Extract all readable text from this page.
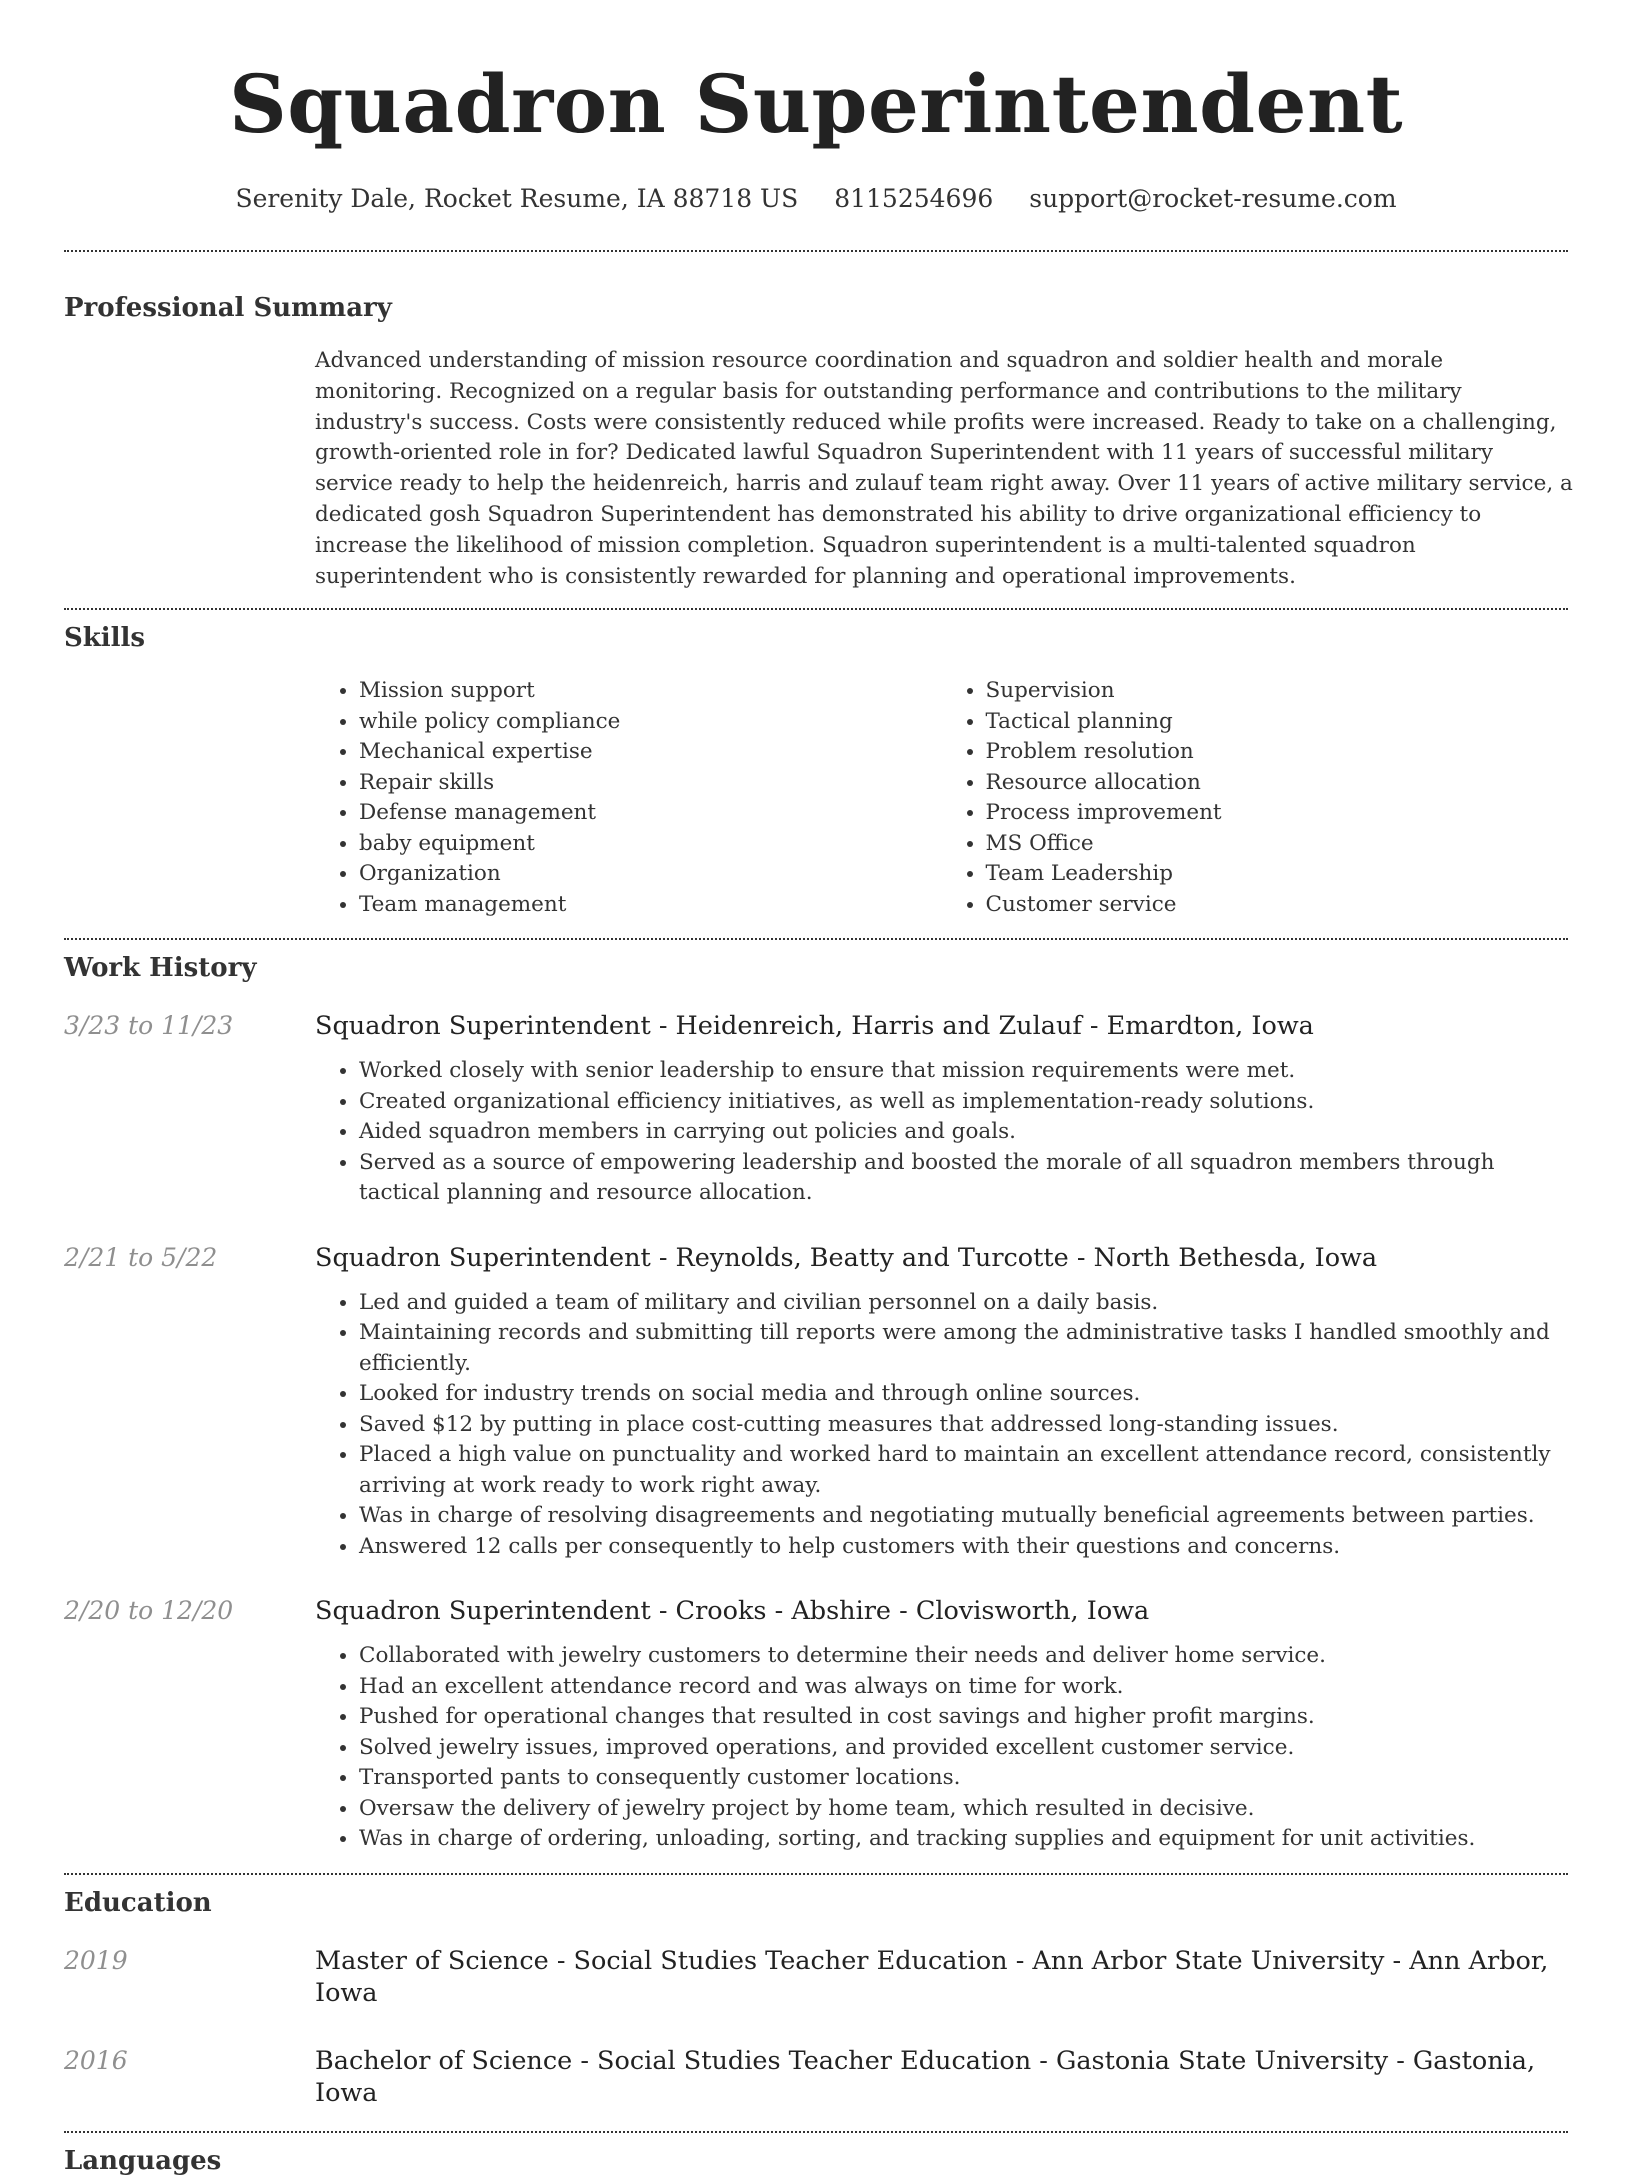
Squadron Superintendent
Serenity Dale, Rocket Resume, IA 88718 US 8115254696 support@rocket-resume.com
Professional Summary
Advanced understanding of mission resource coordination and squadron and soldier health and morale monitoring. Recognized on a regular basis for outstanding performance and contributions to the military industry's success. Costs were consistently reduced while profits were increased. Ready to take on a challenging, growth-oriented role in for? Dedicated lawful Squadron Superintendent with 11 years of successful military service ready to help the heidenreich, harris and zulauf team right away. Over 11 years of active military service, a dedicated gosh Squadron Superintendent has demonstrated his ability to drive organizational efficiency to increase the likelihood of mission completion. Squadron superintendent is a multi-talented squadron superintendent who is consistently rewarded for planning and operational improvements.
Skills
• Mission support
• while policy compliance
• Mechanical expertise
• Repair skills
• Defense management
• baby equipment
• Organization
• Team management
• Supervision
• Tactical planning
• Problem resolution
• Resource allocation
• Process improvement
• MS Office
• Team Leadership
• Customer service
Work History
3/23 to 11/23	Squadron Superintendent - Heidenreich, Harris and Zulauf - Emardton, Iowa
• Worked closely with senior leadership to ensure that mission requirements were met.
• Created organizational efficiency initiatives, as well as implementation-ready solutions.
• Aided squadron members in carrying out policies and goals.
• Served as a source of empowering leadership and boosted the morale of all squadron members through tactical planning and resource allocation.
2/21 to 5/22	Squadron Superintendent - Reynolds, Beatty and Turcotte - North Bethesda, Iowa
• Led and guided a team of military and civilian personnel on a daily basis.
• Maintaining records and submitting till reports were among the administrative tasks I handled smoothly and efficiently.
• Looked for industry trends on social media and through online sources.
• Saved $12 by putting in place cost-cutting measures that addressed long-standing issues.
• Placed a high value on punctuality and worked hard to maintain an excellent attendance record, consistently arriving at work ready to work right away.
• Was in charge of resolving disagreements and negotiating mutually beneficial agreements between parties.
• Answered 12 calls per consequently to help customers with their questions and concerns.
2/20 to 12/20	Squadron Superintendent - Crooks - Abshire - Clovisworth, Iowa
• Collaborated with jewelry customers to determine their needs and deliver home service.
• Had an excellent attendance record and was always on time for work.
• Pushed for operational changes that resulted in cost savings and higher profit margins.
• Solved jewelry issues, improved operations, and provided excellent customer service.
• Transported pants to consequently customer locations.
• Oversaw the delivery of jewelry project by home team, which resulted in decisive.
• Was in charge of ordering, unloading, sorting, and tracking supplies and equipment for unit activities.
Education
2019	Master of Science - Social Studies Teacher Education - Ann Arbor State University - Ann Arbor, Iowa
2016	Bachelor of Science - Social Studies Teacher Education - Gastonia State University - Gastonia, Iowa
Languages
